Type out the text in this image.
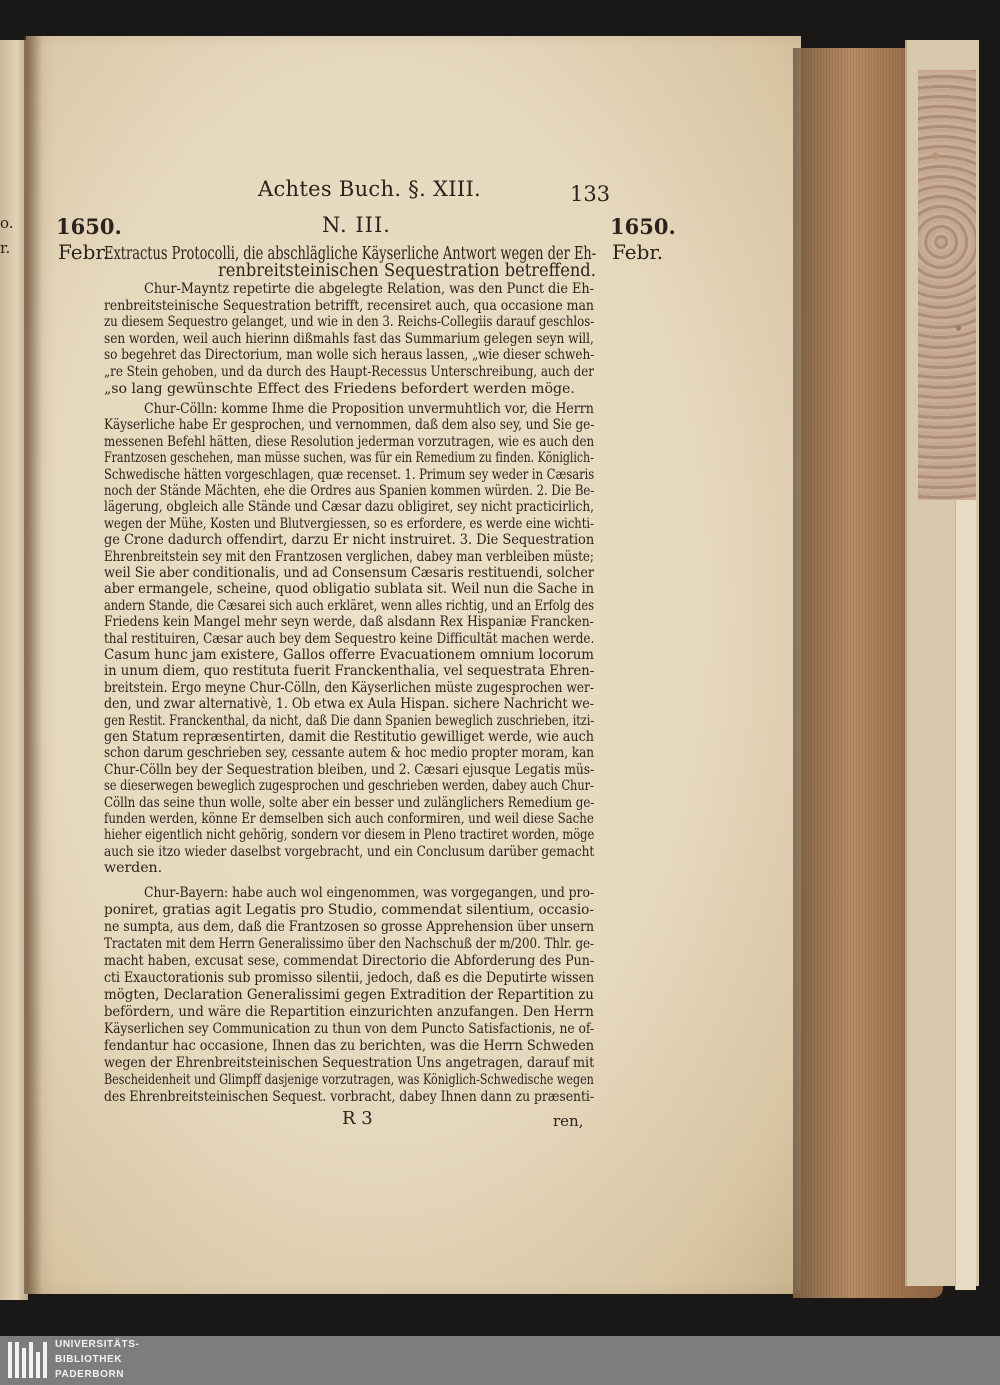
o.
r.
Achtes Buch. §. XIII.	133
1650.
Febr.
1650.
Febr.
N. III.
Extractus Protocolli, die abschlägliche Käyserliche Antwort wegen der Eh-
renbreitsteinischen Sequestration betreffend.
Chur-Mayntz repetirte die abgelegte Relation, was den Punct die Eh-
renbreitsteinische Sequestration betrifft, recensiret auch, qua occasione man
zu diesem Sequestro gelanget, und wie in den 3. Reichs-Collegiis darauf geschlos-
sen worden, weil auch hierinn dißmahls fast das Summarium gelegen seyn will,
so begehret das Directorium, man wolle sich heraus lassen, „wie dieser schweh-
„re Stein gehoben, und da durch des Haupt-Recessus Unterschreibung, auch der
„so lang gewünschte Effect des Friedens befordert werden möge.
Chur-Cölln: komme Ihme die Proposition unvermuhtlich vor, die Herrn
Käyserliche habe Er gesprochen, und vernommen, daß dem also sey, und Sie ge-
messenen Befehl hätten, diese Resolution jederman vorzutragen, wie es auch den
Frantzosen geschehen, man müsse suchen, was für ein Remedium zu finden. Königlich-
Schwedische hätten vorgeschlagen, quæ recenset. 1. Primum sey weder in Cæsaris
noch der Stände Mächten, ehe die Ordres aus Spanien kommen würden. 2. Die Be-
lägerung, obgleich alle Stände und Cæsar dazu obligiret, sey nicht practicirlich,
wegen der Mühe, Kosten und Blutvergiessen, so es erfordere, es werde eine wichti-
ge Crone dadurch offendirt, darzu Er nicht instruiret. 3. Die Sequestration
Ehrenbreitstein sey mit den Frantzosen verglichen, dabey man verbleiben müste;
weil Sie aber conditionalis, und ad Consensum Cæsaris restituendi, solcher
aber ermangele, scheine, quod obligatio sublata sit. Weil nun die Sache in
andern Stande, die Cæsarei sich auch erkläret, wenn alles richtig, und an Erfolg des
Friedens kein Mangel mehr seyn werde, daß alsdann Rex Hispaniæ Francken-
thal restituiren, Cæsar auch bey dem Sequestro keine Difficultät machen werde.
Casum hunc jam existere, Gallos offerre Evacuationem omnium locorum
in unum diem, quo restituta fuerit Franckenthalia, vel sequestrata Ehren-
breitstein. Ergo meyne Chur-Cölln, den Käyserlichen müste zugesprochen wer-
den, und zwar alternativè, 1. Ob etwa ex Aula Hispan. sichere Nachricht we-
gen Restit. Franckenthal, da nicht, daß Die dann Spanien beweglich zuschrieben, itzi-
gen Statum repræsentirten, damit die Restitutio gewilliget werde, wie auch
schon darum geschrieben sey, cessante autem & hoc medio propter moram, kan
Chur-Cölln bey der Sequestration bleiben, und 2. Cæsari ejusque Legatis müs-
se dieserwegen beweglich zugesprochen und geschrieben werden, dabey auch Chur-
Cölln das seine thun wolle, solte aber ein besser und zulänglichers Remedium ge-
funden werden, könne Er demselben sich auch conformiren, und weil diese Sache
hieher eigentlich nicht gehörig, sondern vor diesem in Pleno tractiret worden, möge
auch sie itzo wieder daselbst vorgebracht, und ein Conclusum darüber gemacht
werden.
Chur-Bayern: habe auch wol eingenommen, was vorgegangen, und pro-
poniret, gratias agit Legatis pro Studio, commendat silentium, occasio-
ne sumpta, aus dem, daß die Frantzosen so grosse Apprehension über unsern
Tractaten mit dem Herrn Generalissimo über den Nachschuß der m/200. Thlr. ge-
macht haben, excusat sese, commendat Directorio die Abforderung des Pun-
cti Exauctorationis sub promisso silentii, jedoch, daß es die Deputirte wissen
mögten, Declaration Generalissimi gegen Extradition der Repartition zu
befördern, und wäre die Repartition einzurichten anzufangen. Den Herrn
Käyserlichen sey Communication zu thun von dem Puncto Satisfactionis, ne of-
fendantur hac occasione, Ihnen das zu berichten, was die Herrn Schweden
wegen der Ehrenbreitsteinischen Sequestration Uns angetragen, darauf mit
Bescheidenheit und Glimpff dasjenige vorzutragen, was Königlich-Schwedische wegen
des Ehrenbreitsteinischen Sequest. vorbracht, dabey Ihnen dann zu præsenti-
R 3	ren,
UNIVERSITÄTS-
BIBLIOTHEK
PADERBORN
